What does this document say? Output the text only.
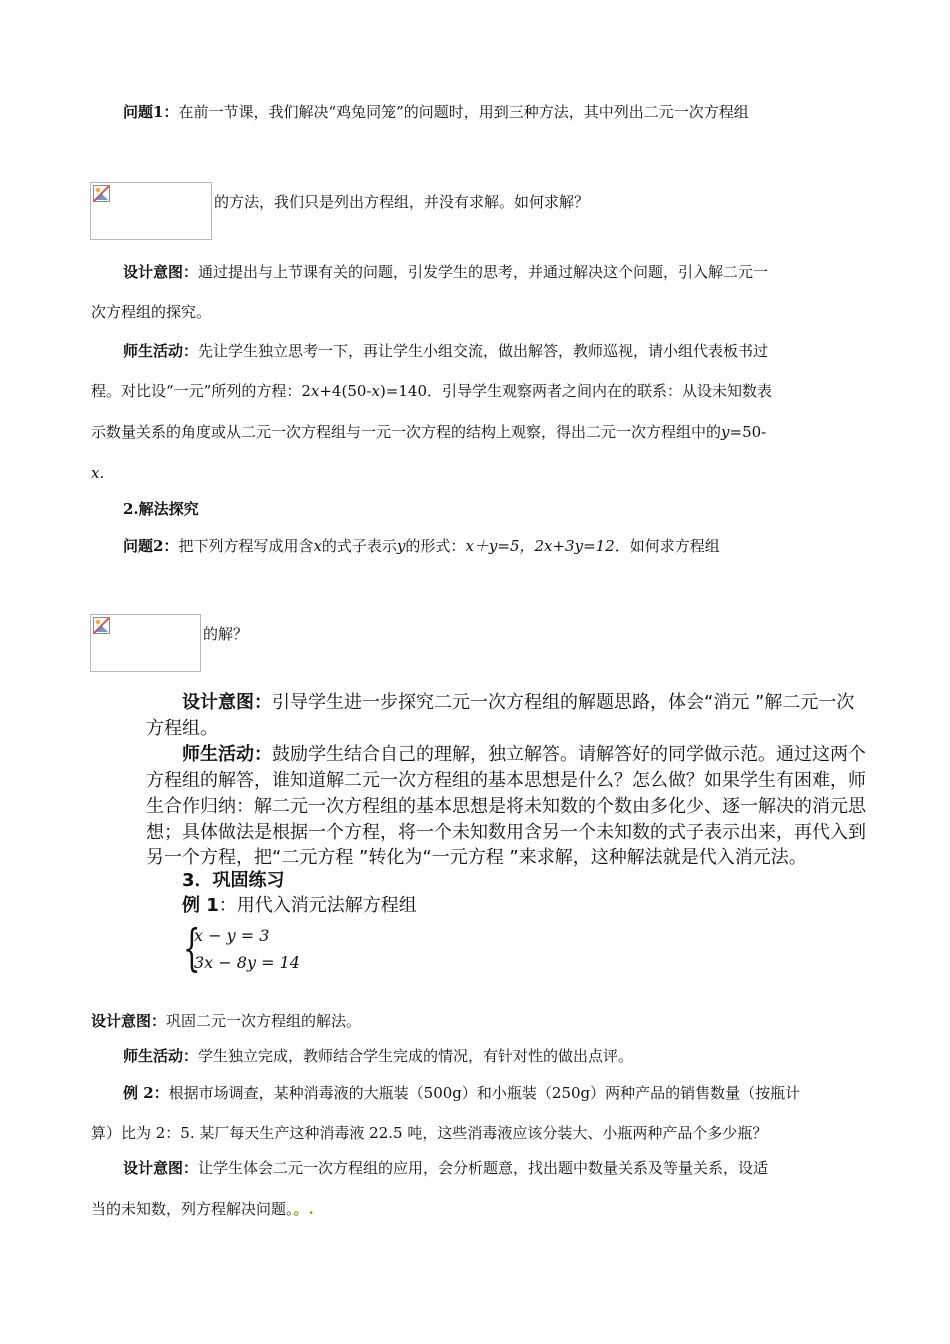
问题1：在前一节课，我们解决“鸡兔同笼”的问题时，用到三种方法，其中列出二元一次方程组
的方法，我们只是列出方程组，并没有求解。如何求解？
设计意图：通过提出与上节课有关的问题，引发学生的思考，并通过解决这个问题，引入解二元一
次方程组的探究。
师生活动：先让学生独立思考一下，再让学生小组交流，做出解答，教师巡视，请小组代表板书过
程。对比设“一元”所列的方程：2x+4(50-x)=140．引导学生观察两者之间内在的联系：从设未知数表
示数量关系的角度或从二元一次方程组与一元一次方程的结构上观察，得出二元一次方程组中的y=50-
x.
2.解法探究
问题2：把下列方程写成用含x的式子表示y的形式：x＋y=5，2x+3y=12．如何求方程组
的解？
设计意图：引导学生进一步探究二元一次方程组的解题思路，体会“消元 ”解二元一次
方程组。
师生活动：鼓励学生结合自己的理解，独立解答。请解答好的同学做示范。通过这两个
方程组的解答，谁知道解二元一次方程组的基本思想是什么？怎么做？如果学生有困难，师
生合作归纳：解二元一次方程组的基本思想是将未知数的个数由多化少、逐一解决的消元思
想；具体做法是根据一个方程，将一个未知数用含另一个未知数的式子表示出来，再代入到
另一个方程，把“二元方程 ”转化为“一元方程 ”来求解，这种解法就是代入消元法。
3．巩固练习
例 1：用代入消元法解方程组
{
x − y = 3
3x − 8y = 14
设计意图：巩固二元一次方程组的解法。
师生活动：学生独立完成，教师结合学生完成的情况，有针对性的做出点评。
例 2：根据市场调查，某种消毒液的大瓶装（500g）和小瓶装（250g）两种产品的销售数量（按瓶计
算）比为 2：5. 某厂每天生产这种消毒液 22.5 吨，这些消毒液应该分装大、小瓶两种产品个多少瓶？
设计意图：让学生体会二元一次方程组的应用，会分析题意，找出题中数量关系及等量关系，设适
当的未知数，列方程解决问题。。.
